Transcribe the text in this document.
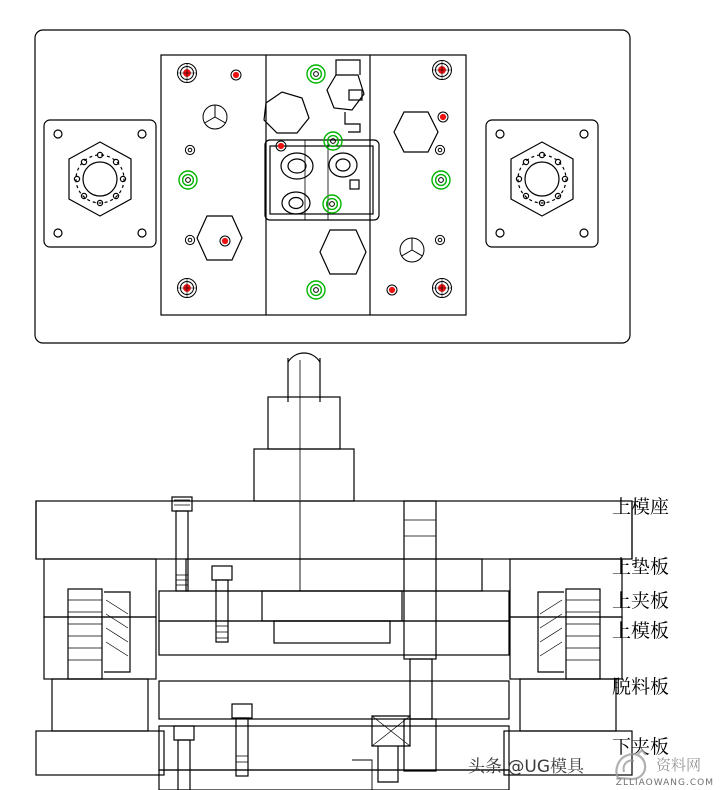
上模座
上垫板
上夹板
上模板
脱料板
下夹板
头条 @UG模具	资料网
ZLLIAOWANG.COM
